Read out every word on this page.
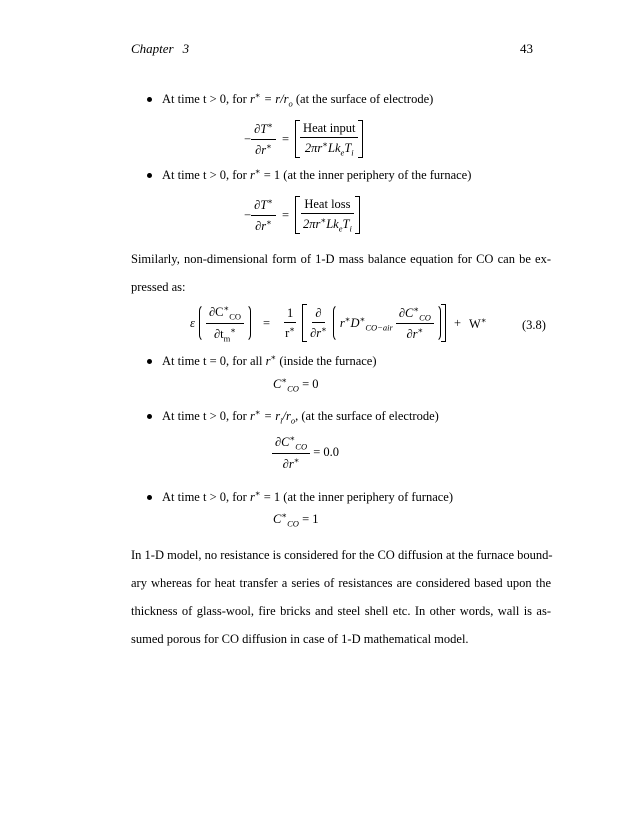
Chapter 3	43
At time t > 0, for $r^∗ = r/r_o$ (at the surface of electrode)
− $\frac{\partial T^∗}{\partial r^∗} = \frac{\text{Heat input}}{2\pi r^∗Lk_eT_i}$
At time t > 0, for r∗ = 1 (at the inner periphery of the furnace)
− $\frac{\partial T^∗}{\partial r^∗} = \frac{\text{Heat loss}}{2\pi r^∗Lk_eT_i}$
Similarly, non-dimensional form of 1-D mass balance equation for CO can be ex-
pressed as:
ε $\frac{\partial C^∗_{CO}}{\partial t_m^∗} = \frac{1}{r^∗} \frac{\partial}{\partial r^∗} r^∗D^∗_{CO-air} \frac{\partial C^∗_{CO}}{\partial r^∗} + W^∗$	(3.8)
At time t = 0, for all r∗ (inside the furnace)
$C^∗_{CO}$
= 0
At time t > 0, for $r^∗ = r_i/r_o$, (at the surface of electrode)
$\frac{\partial C^∗_{CO}}{\partial r^∗}$
= 0.0
At time t > 0, for r∗ = 1 (at the inner periphery of furnace)
$C^∗_{CO}$
= 1
In 1-D model, no resistance is considered for the CO diffusion at the furnace bound-
ary whereas for heat transfer a series of resistances are considered based upon the
thickness of glass-wool, fire bricks and steel shell etc. In other words, wall is as-
sumed porous for CO diffusion in case of 1-D mathematical model.
